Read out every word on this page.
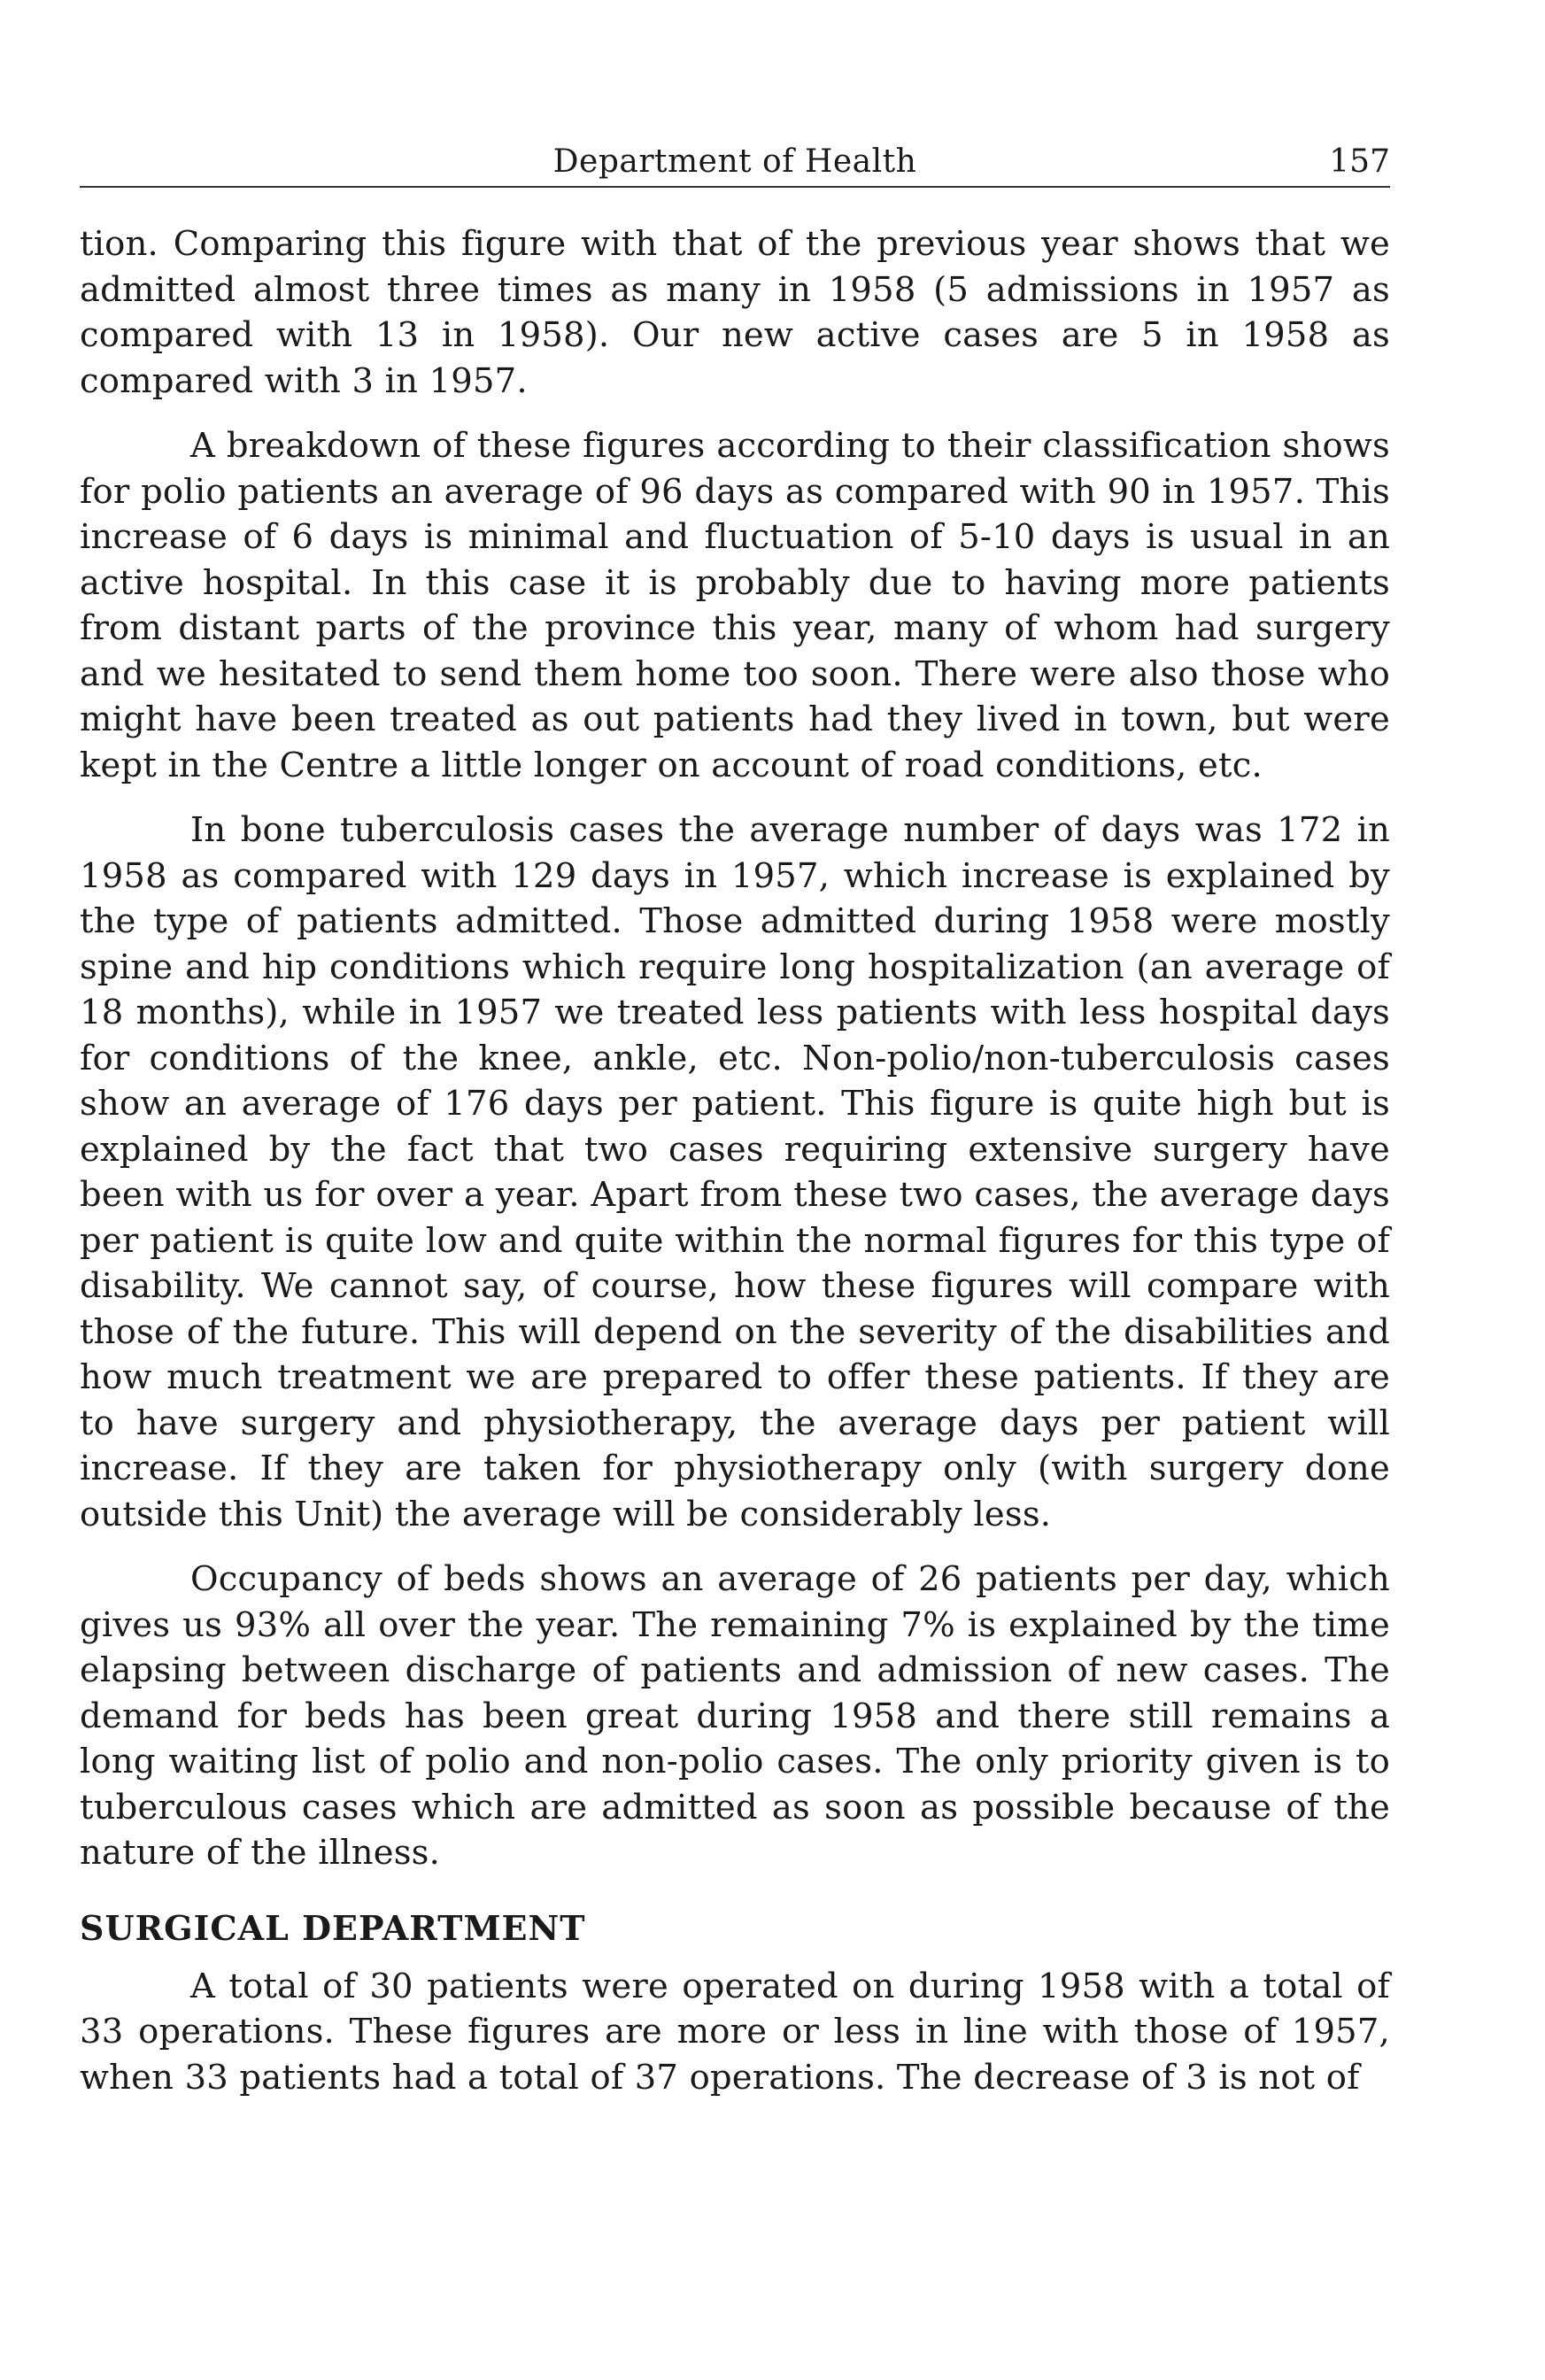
Department of Health	157

tion. Comparing this figure with that of the previous year shows that we admitted almost three times as many in 1958 (5 admissions in 1957 as compared with 13 in 1958). Our new active cases are 5 in 1958 as compared with 3 in 1957.

A breakdown of these figures according to their classification shows for polio patients an average of 96 days as compared with 90 in 1957. This increase of 6 days is minimal and fluctuation of 5-10 days is usual in an active hospital. In this case it is probably due to having more patients from distant parts of the province this year, many of whom had surgery and we hesitated to send them home too soon. There were also those who might have been treated as out patients had they lived in town, but were kept in the Centre a little longer on account of road conditions, etc.

In bone tuberculosis cases the average number of days was 172 in 1958 as compared with 129 days in 1957, which increase is explained by the type of patients admitted. Those admitted during 1958 were mostly spine and hip conditions which require long hospitalization (an average of 18 months), while in 1957 we treated less patients with less hospital days for conditions of the knee, ankle, etc. Non-polio/non-tuberculosis cases show an average of 176 days per patient. This figure is quite high but is explained by the fact that two cases requiring extensive surgery have been with us for over a year. Apart from these two cases, the average days per patient is quite low and quite within the normal figures for this type of disability. We cannot say, of course, how these figures will compare with those of the future. This will depend on the severity of the disabilities and how much treatment we are prepared to offer these patients. If they are to have surgery and physiotherapy, the average days per patient will increase. If they are taken for physiotherapy only (with surgery done outside this Unit) the average will be considerably less.

Occupancy of beds shows an average of 26 patients per day, which gives us 93% all over the year. The remaining 7% is explained by the time elapsing between discharge of patients and admission of new cases. The demand for beds has been great during 1958 and there still remains a long waiting list of polio and non-polio cases. The only priority given is to tuberculous cases which are admitted as soon as possible because of the nature of the illness.

SURGICAL DEPARTMENT

A total of 30 patients were operated on during 1958 with a total of 33 operations. These figures are more or less in line with those of 1957, when 33 patients had a total of 37 operations. The decrease of 3 is not of
